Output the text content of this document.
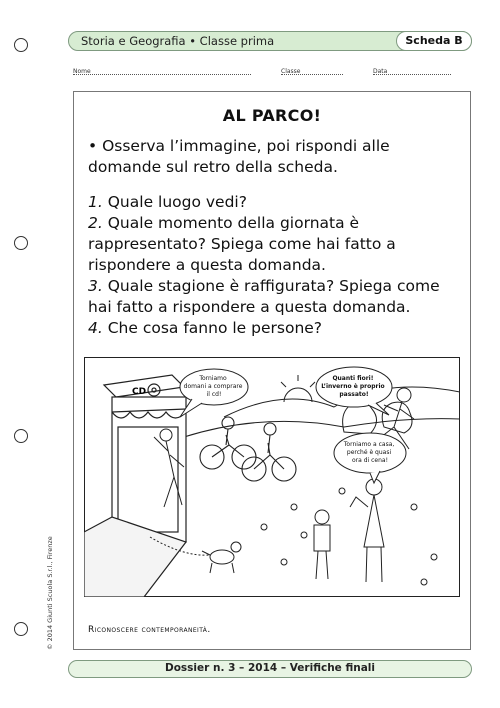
Storia e Geografia • Classe prima	Scheda B
Nome	Classe	Data
AL PARCO!
• Osserva l’immagine, poi rispondi alle domande sul retro della scheda.

1. Quale luogo vedi?

2. Quale momento della giornata è rappresentato? Spiega come hai fatto a rispondere a questa domanda.

3. Quale stagione è raffigurata? Spiega come hai fatto a rispondere a questa domanda.

4. Che cosa fanno le persone?

CD
Torniamo domani a comprare il cd!
Quanti fiori! L’inverno è proprio passato!
Torniamo a casa, perché è quasi ora di cena!
Riconoscere contemporaneità.
© 2014 Giunti Scuola S.r.l., Firenze
Dossier n. 3 – 2014 – Verifiche finali
